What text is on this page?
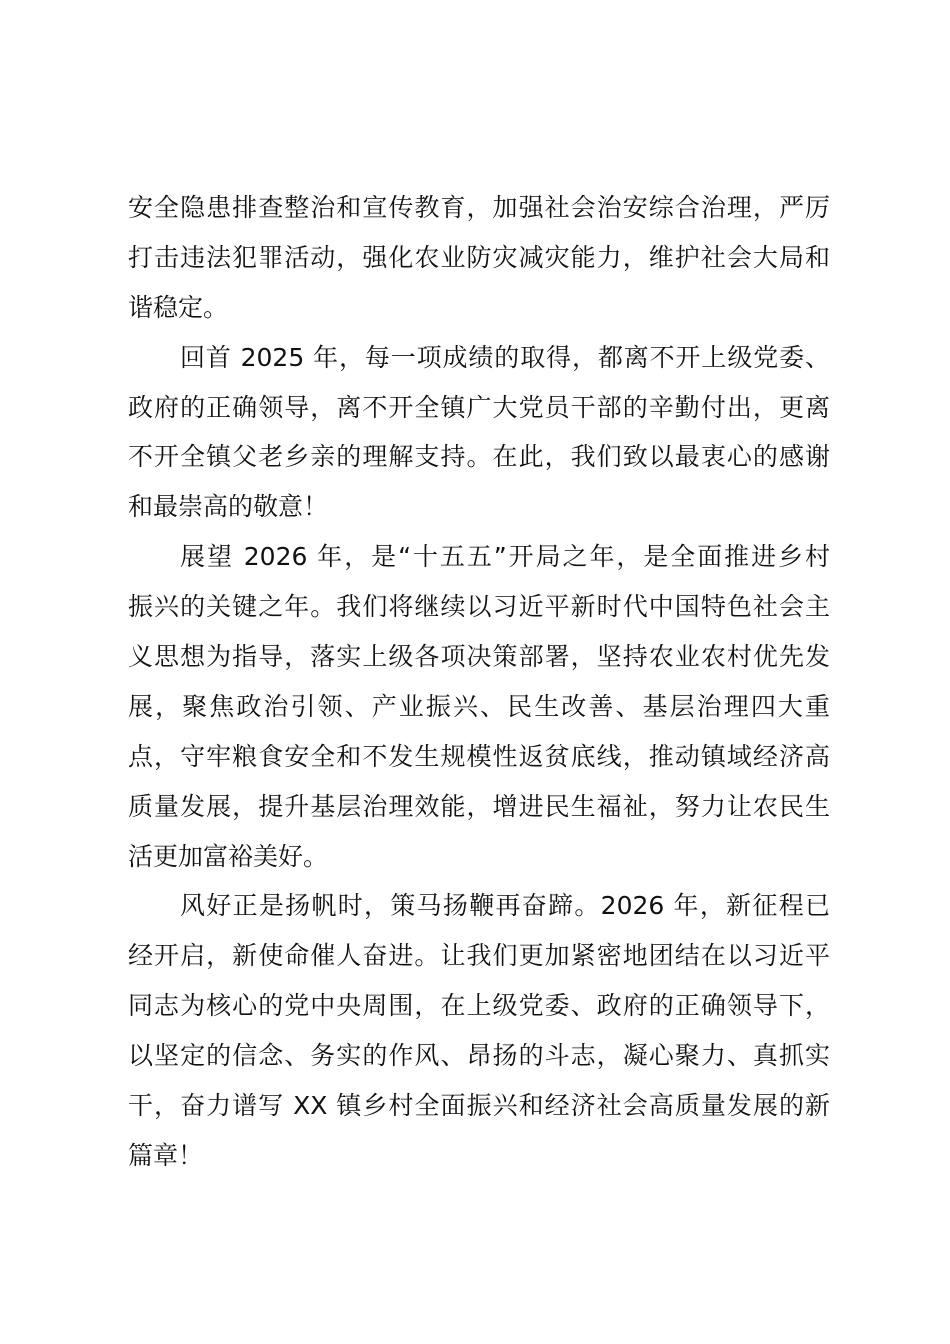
安全隐患排查整治和宣传教育，加强社会治安综合治理，严厉
打击违法犯罪活动，强化农业防灾减灾能力，维护社会大局和
谐稳定。
回首 2025 年，每一项成绩的取得，都离不开上级党委、
政府的正确领导，离不开全镇广大党员干部的辛勤付出，更离
不开全镇父老乡亲的理解支持。在此，我们致以最衷心的感谢
和最崇高的敬意！
展望 2026 年，是“十五五”开局之年，是全面推进乡村
振兴的关键之年。我们将继续以习近平新时代中国特色社会主
义思想为指导，落实上级各项决策部署，坚持农业农村优先发
展，聚焦政治引领、产业振兴、民生改善、基层治理四大重
点，守牢粮食安全和不发生规模性返贫底线，推动镇域经济高
质量发展，提升基层治理效能，增进民生福祉，努力让农民生
活更加富裕美好。
风好正是扬帆时，策马扬鞭再奋蹄。2026 年，新征程已
经开启，新使命催人奋进。让我们更加紧密地团结在以习近平
同志为核心的党中央周围，在上级党委、政府的正确领导下，
以坚定的信念、务实的作风、昂扬的斗志，凝心聚力、真抓实
干，奋力谱写 XX 镇乡村全面振兴和经济社会高质量发展的新
篇章！
